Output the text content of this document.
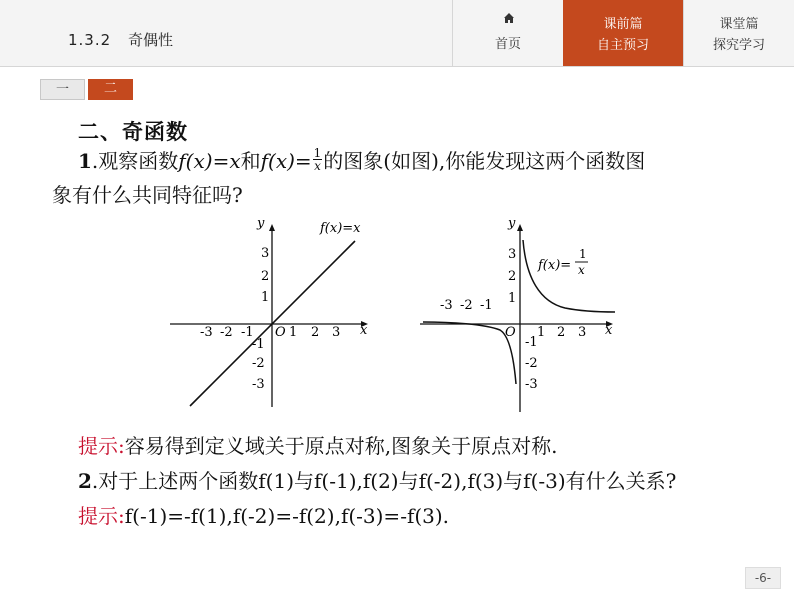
1.3.2 奇偶性	首页
课前篇
自主预习
课堂篇
探究学习
一	二
二、奇函数
1.观察函数f(x)=x和$f(x)= \frac{1}{x}$ 的图象(如图),你能发现这两个函数图
象有什么共同特征吗?
x
y
O
f(x)=x
-3 -2 -1	1 2 3
3
2
1
-1
-2
-3
x
y
O
f(x)=
1
x
-3 -2 -1
1 2 3
3
2
1
-1
-2
-3
提示:容易得到定义域关于原点对称,图象关于原点对称.
2.对于上述两个函数f(1)与f(-1),f(2)与f(-2),f(3)与f(-3)有什么关系?
提示:f(-1)=-f(1),f(-2)=-f(2),f(-3)=-f(3).
-6-
